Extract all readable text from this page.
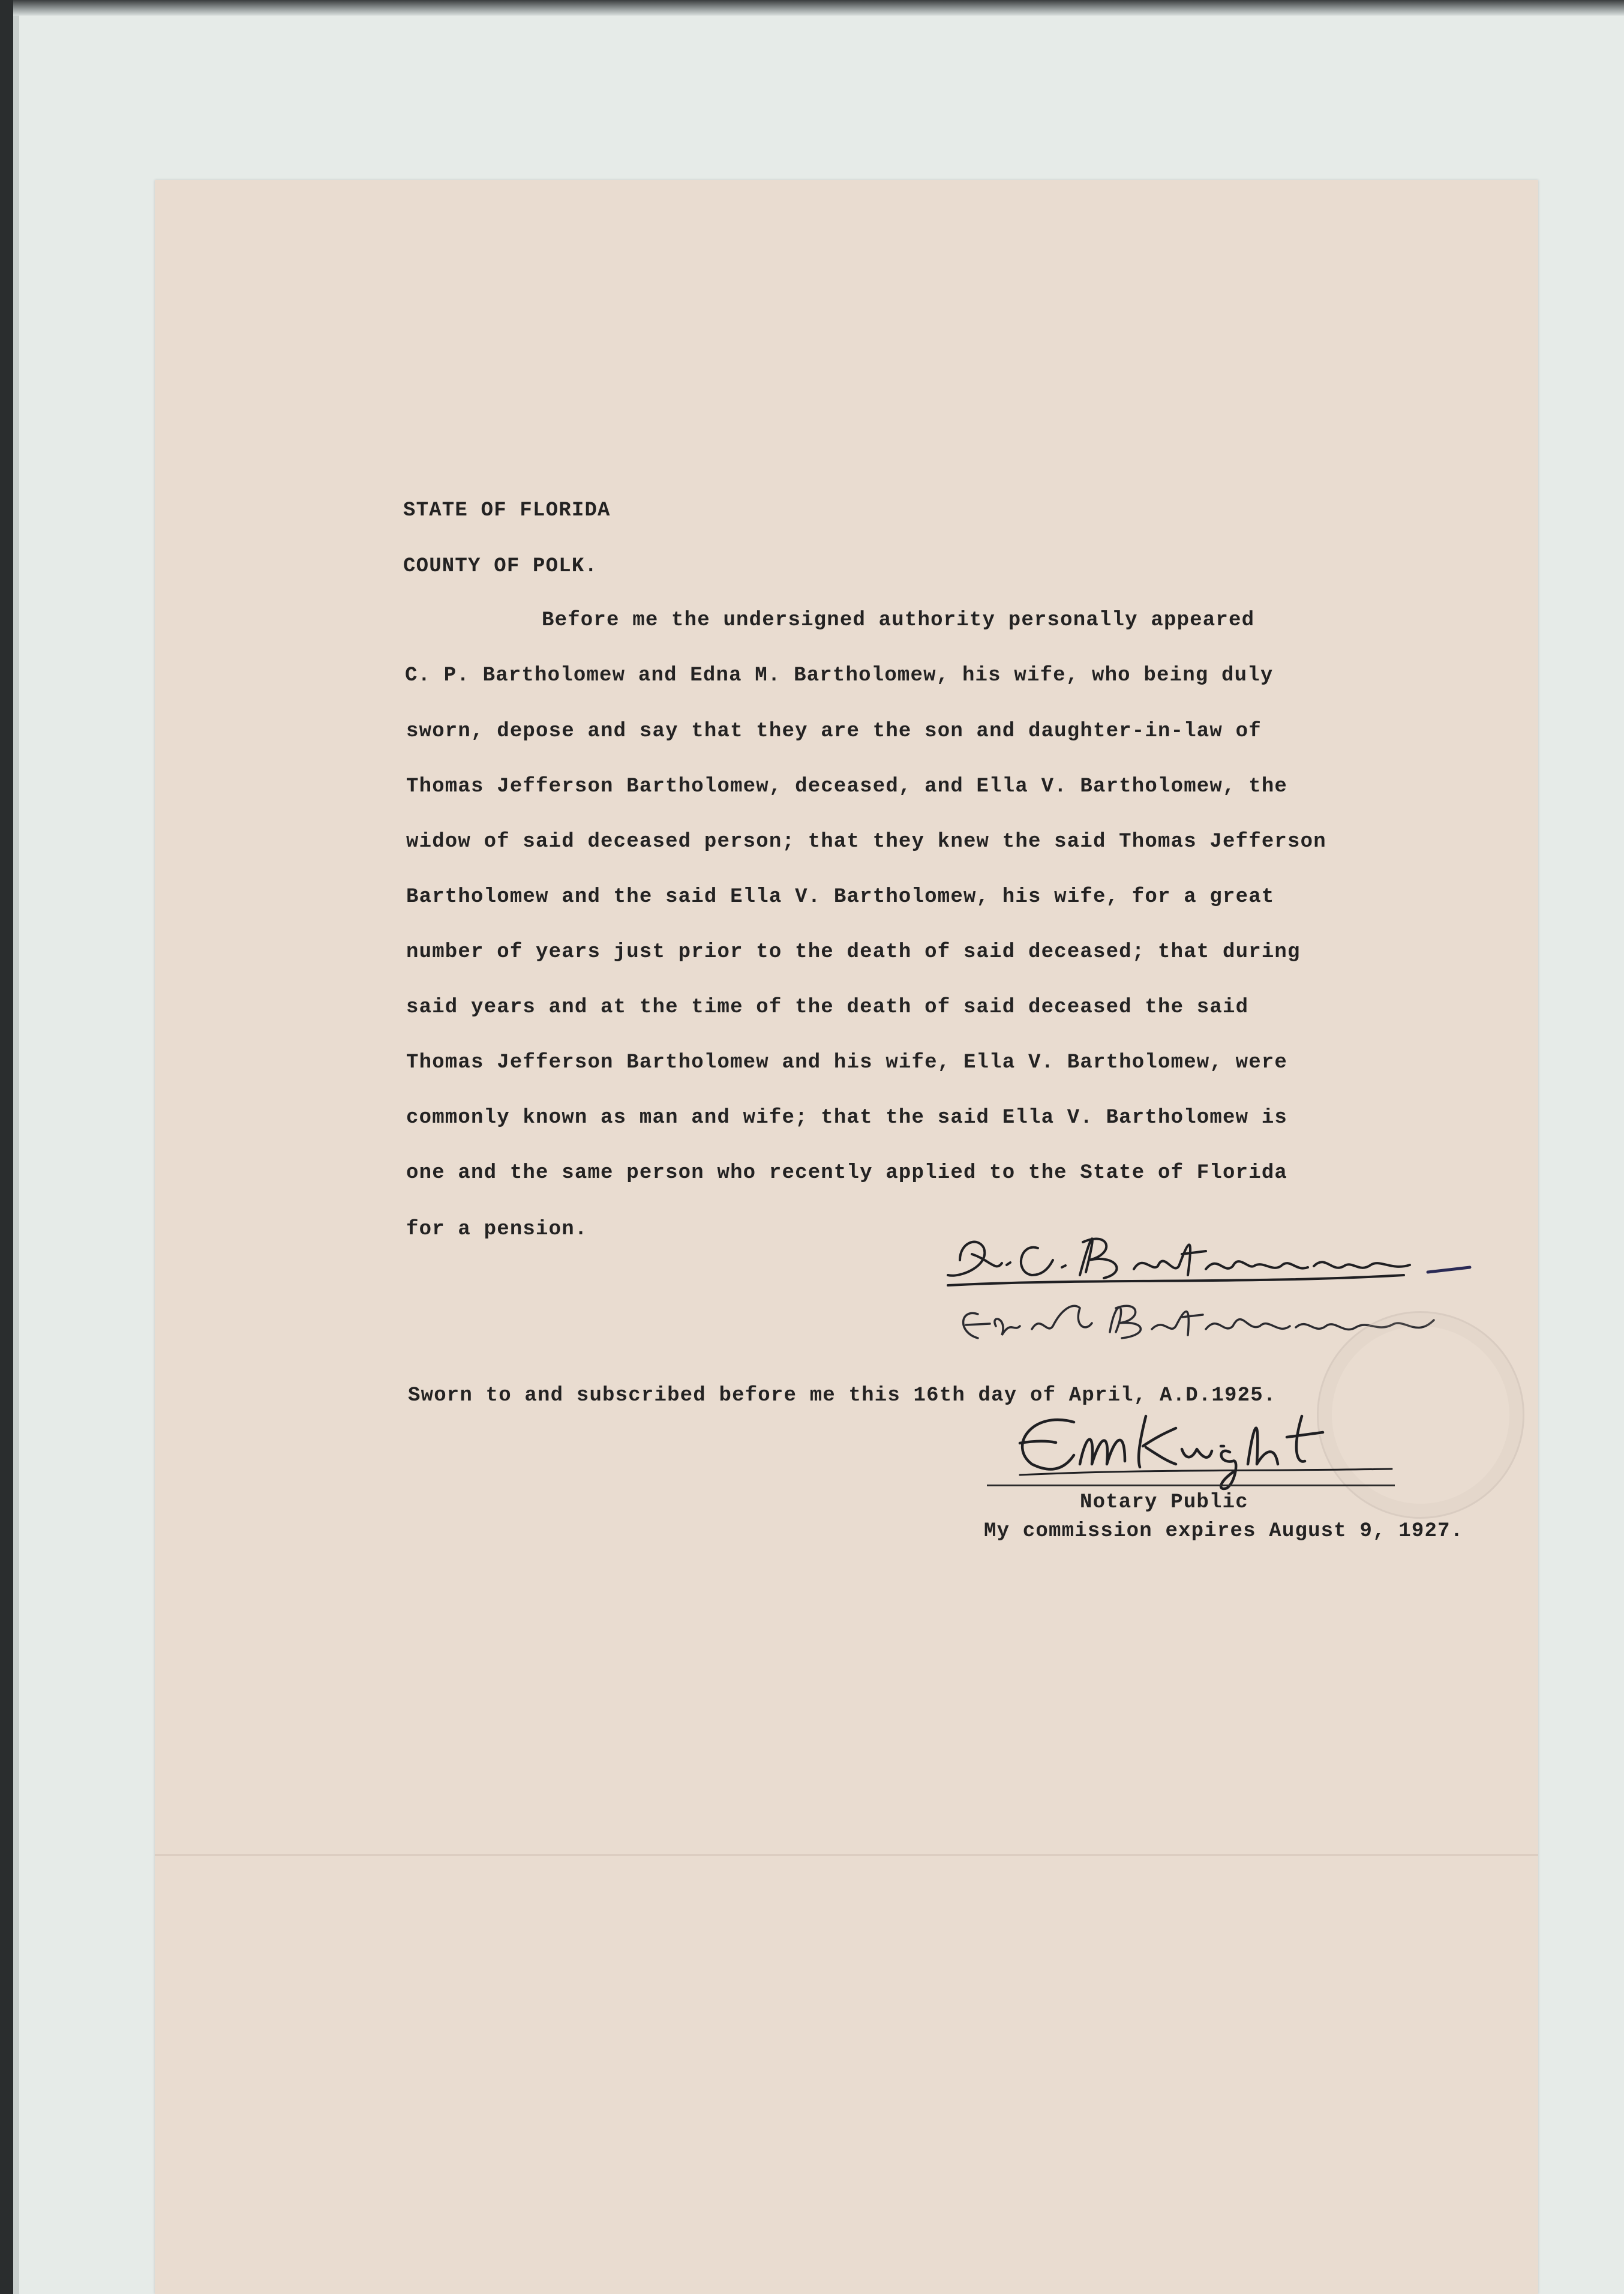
STATE OF FLORIDA
COUNTY OF POLK.
Before me the undersigned authority personally appeared
C. P. Bartholomew and Edna M. Bartholomew, his wife, who being duly
sworn, depose and say that they are the son and daughter-in-law of
Thomas Jefferson Bartholomew, deceased, and Ella V. Bartholomew, the
widow of said deceased person; that they knew the said Thomas Jefferson
Bartholomew and the said Ella V. Bartholomew, his wife, for a great
number of years just prior to the death of said deceased; that during
said years and at the time of the death of said deceased the said
Thomas Jefferson Bartholomew and his wife, Ella V. Bartholomew, were
commonly known as man and wife; that the said Ella V. Bartholomew is
one and the same person who recently applied to the State of Florida
for a pension.
Sworn to and subscribed before me this 16th day of April, A.D.1925.
Notary Public
My commission expires August 9, 1927.
